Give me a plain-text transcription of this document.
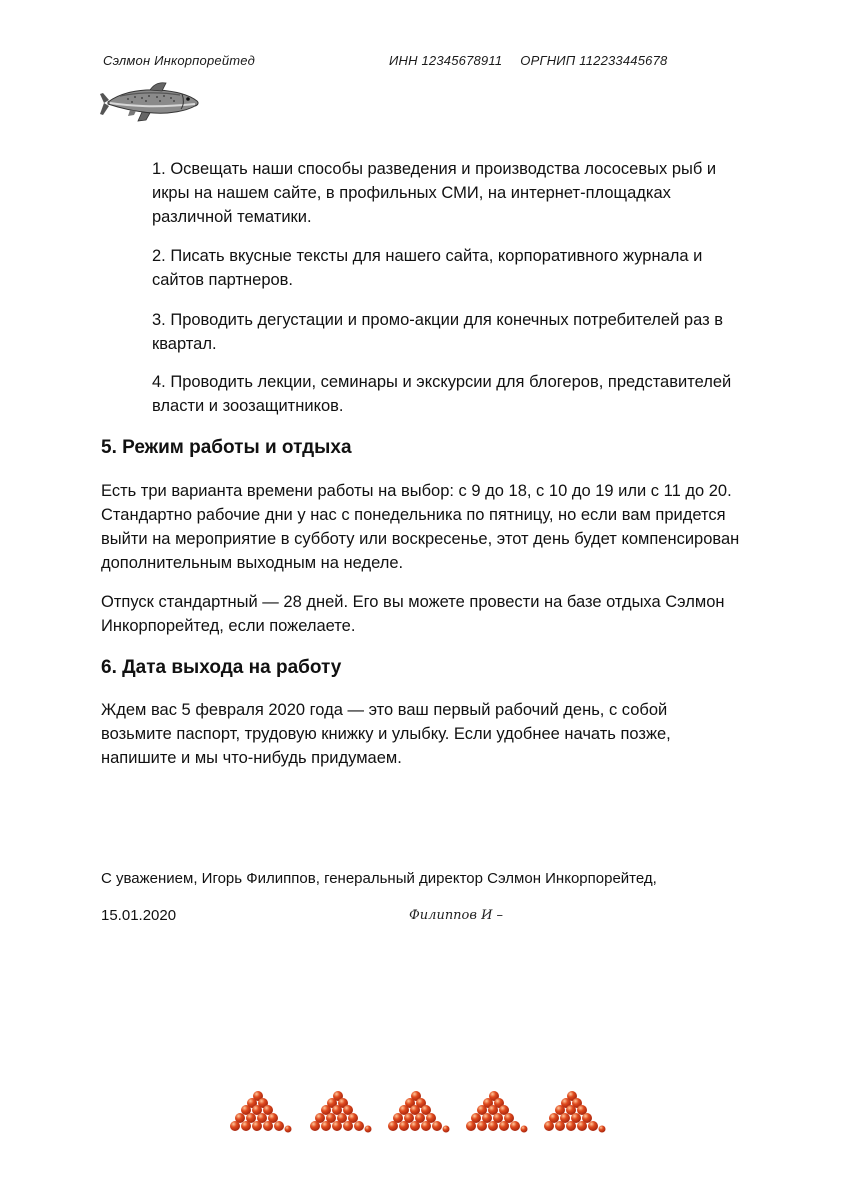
Сэлмон Инкорпорейтед	ИНН 12345678911 ОРГНИП 112233445678

1. Освещать наши способы разведения и производства лососевых рыб и икры на нашем сайте, в профильных СМИ, на интернет-площадках различной тематики.

2. Писать вкусные тексты для нашего сайта, корпоративного журнала и сайтов партнеров.

3. Проводить дегустации и промо-акции для конечных потребителей раз в квартал.

4. Проводить лекции, семинары и экскурсии для блогеров, представителей власти и зоозащитников.

5. Режим работы и отдыха

Есть три варианта времени работы на выбор: с 9 до 18, с 10 до 19 или с 11 до 20. Стандартно рабочие дни у нас с понедельника по пятницу, но если вам придется выйти на мероприятие в субботу или воскресенье, этот день будет компенсирован дополнительным выходным на неделе.

Отпуск стандартный — 28 дней. Его вы можете провести на базе отдыха Сэлмон Инкорпорейтед, если пожелаете.

6. Дата выхода на работу

Ждем вас 5 февраля 2020 года — это ваш первый рабочий день, с собой возьмите паспорт, трудовую книжку и улыбку. Если удобнее начать позже, напишите и мы что-нибудь придумаем.

С уважением, Игорь Филиппов, генеральный директор Сэлмон Инкорпорейтед,
15.01.2020	Филиппов И –
